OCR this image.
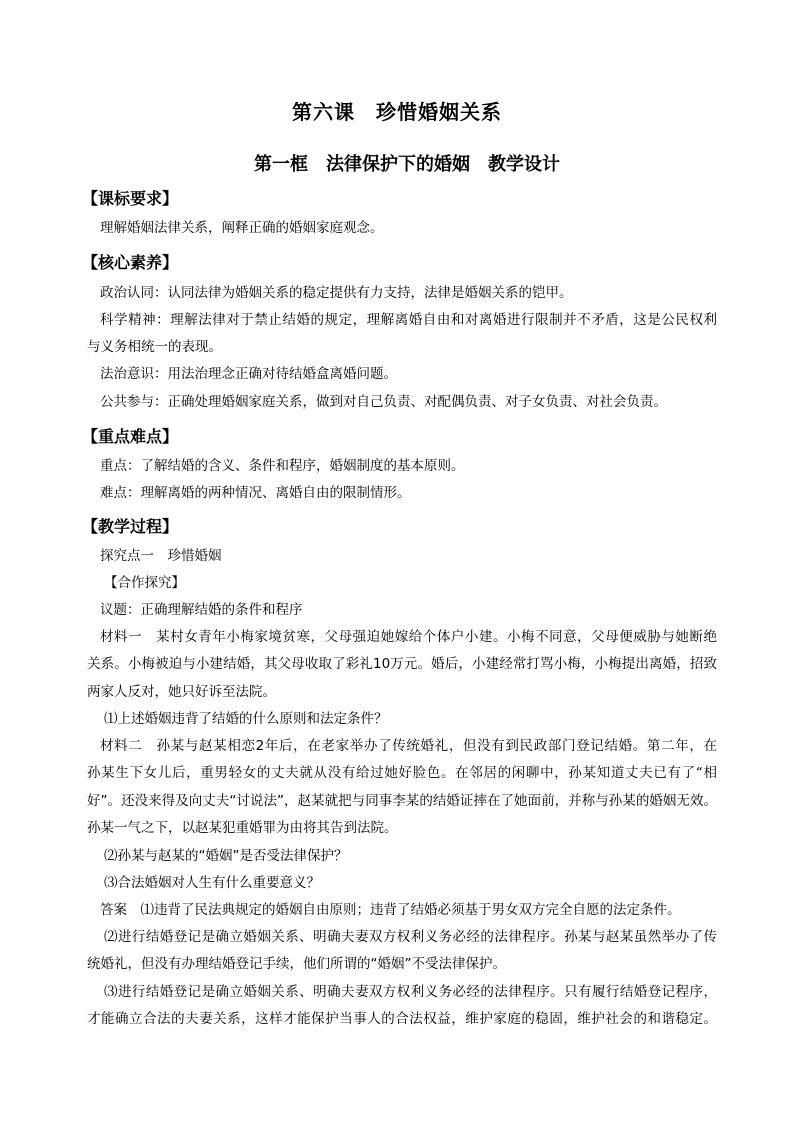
第六课　珍惜婚姻关系
第一框　法律保护下的婚姻　教学设计
【课标要求】
理解婚姻法律关系，阐释正确的婚姻家庭观念。
【核心素养】
政治认同：认同法律为婚姻关系的稳定提供有力支持，法律是婚姻关系的铠甲。
科学精神：理解法律对于禁止结婚的规定，理解离婚自由和对离婚进行限制并不矛盾，这是公民权利
与义务相统一的表现。
法治意识：用法治理念正确对待结婚盒离婚问题。
公共参与：正确处理婚姻家庭关系，做到对自己负责、对配偶负责、对子女负责、对社会负责。
【重点难点】
重点：了解结婚的含义、条件和程序，婚姻制度的基本原则。
难点：理解离婚的两种情况、离婚自由的限制情形。
【教学过程】
探究点一　珍惜婚姻
【合作探究】
议题：正确理解结婚的条件和程序
材料一　某村女青年小梅家境贫寒，父母强迫她嫁给个体户小建。小梅不同意，父母便威胁与她断绝
关系。小梅被迫与小建结婚，其父母收取了彩礼10万元。婚后，小建经常打骂小梅，小梅提出离婚，招致
两家人反对，她只好诉至法院。
⑴上述婚姻违背了结婚的什么原则和法定条件？
材料二　孙某与赵某相恋2年后，在老家举办了传统婚礼，但没有到民政部门登记结婚。第二年，在
孙某生下女儿后，重男轻女的丈夫就从没有给过她好脸色。在邻居的闲聊中，孙某知道丈夫已有了“相
好”。还没来得及向丈夫“讨说法”，赵某就把与同事李某的结婚证摔在了她面前，并称与孙某的婚姻无效。
孙某一气之下，以赵某犯重婚罪为由将其告到法院。
⑵孙某与赵某的“婚姻”是否受法律保护？
⑶合法婚姻对人生有什么重要意义？
答案　⑴违背了民法典规定的婚姻自由原则；违背了结婚必须基于男女双方完全自愿的法定条件。
⑵进行结婚登记是确立婚姻关系、明确夫妻双方权利义务必经的法律程序。孙某与赵某虽然举办了传
统婚礼，但没有办理结婚登记手续，他们所谓的“婚姻”不受法律保护。
⑶进行结婚登记是确立婚姻关系、明确夫妻双方权利义务必经的法律程序。只有履行结婚登记程序，
才能确立合法的夫妻关系，这样才能保护当事人的合法权益，维护家庭的稳固，维护社会的和谐稳定。
